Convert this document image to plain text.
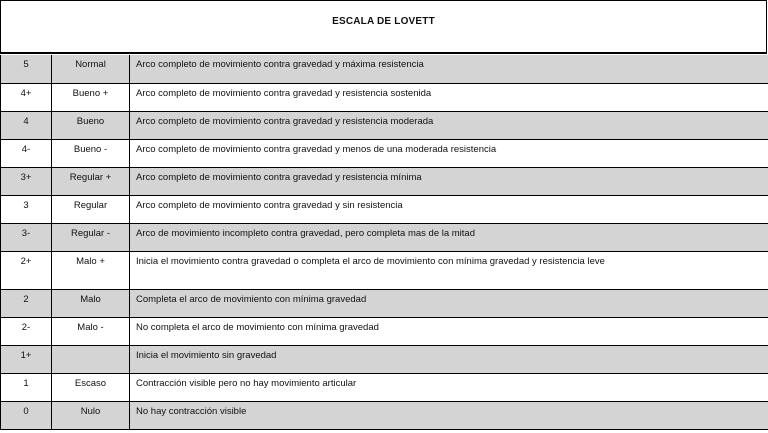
ESCALA DE LOVETT
5	Normal	Arco completo de movimiento contra gravedad y máxima resistencia
4+	Bueno +	Arco completo de movimiento contra gravedad y resistencia sostenida
4	Bueno	Arco completo de movimiento contra gravedad y resistencia moderada
4-	Bueno -	Arco completo de movimiento contra gravedad y menos de una moderada resistencia
3+	Regular +	Arco completo de movimiento contra gravedad y resistencia mínima
3	Regular	Arco completo de movimiento contra gravedad y sin resistencia
3-	Regular -	Arco de movimiento incompleto contra gravedad, pero completa mas de la mitad
2+	Malo +	Inicia el movimiento contra gravedad o completa el arco de movimiento con mínima gravedad y resistencia leve
2	Malo	Completa el arco de movimiento con mínima gravedad
2-	Malo -	No completa el arco de movimiento con mínima gravedad
1+		Inicia el movimiento sin gravedad
1	Escaso	Contracción visible pero no hay movimiento articular
0	Nulo	No hay contracción visible
